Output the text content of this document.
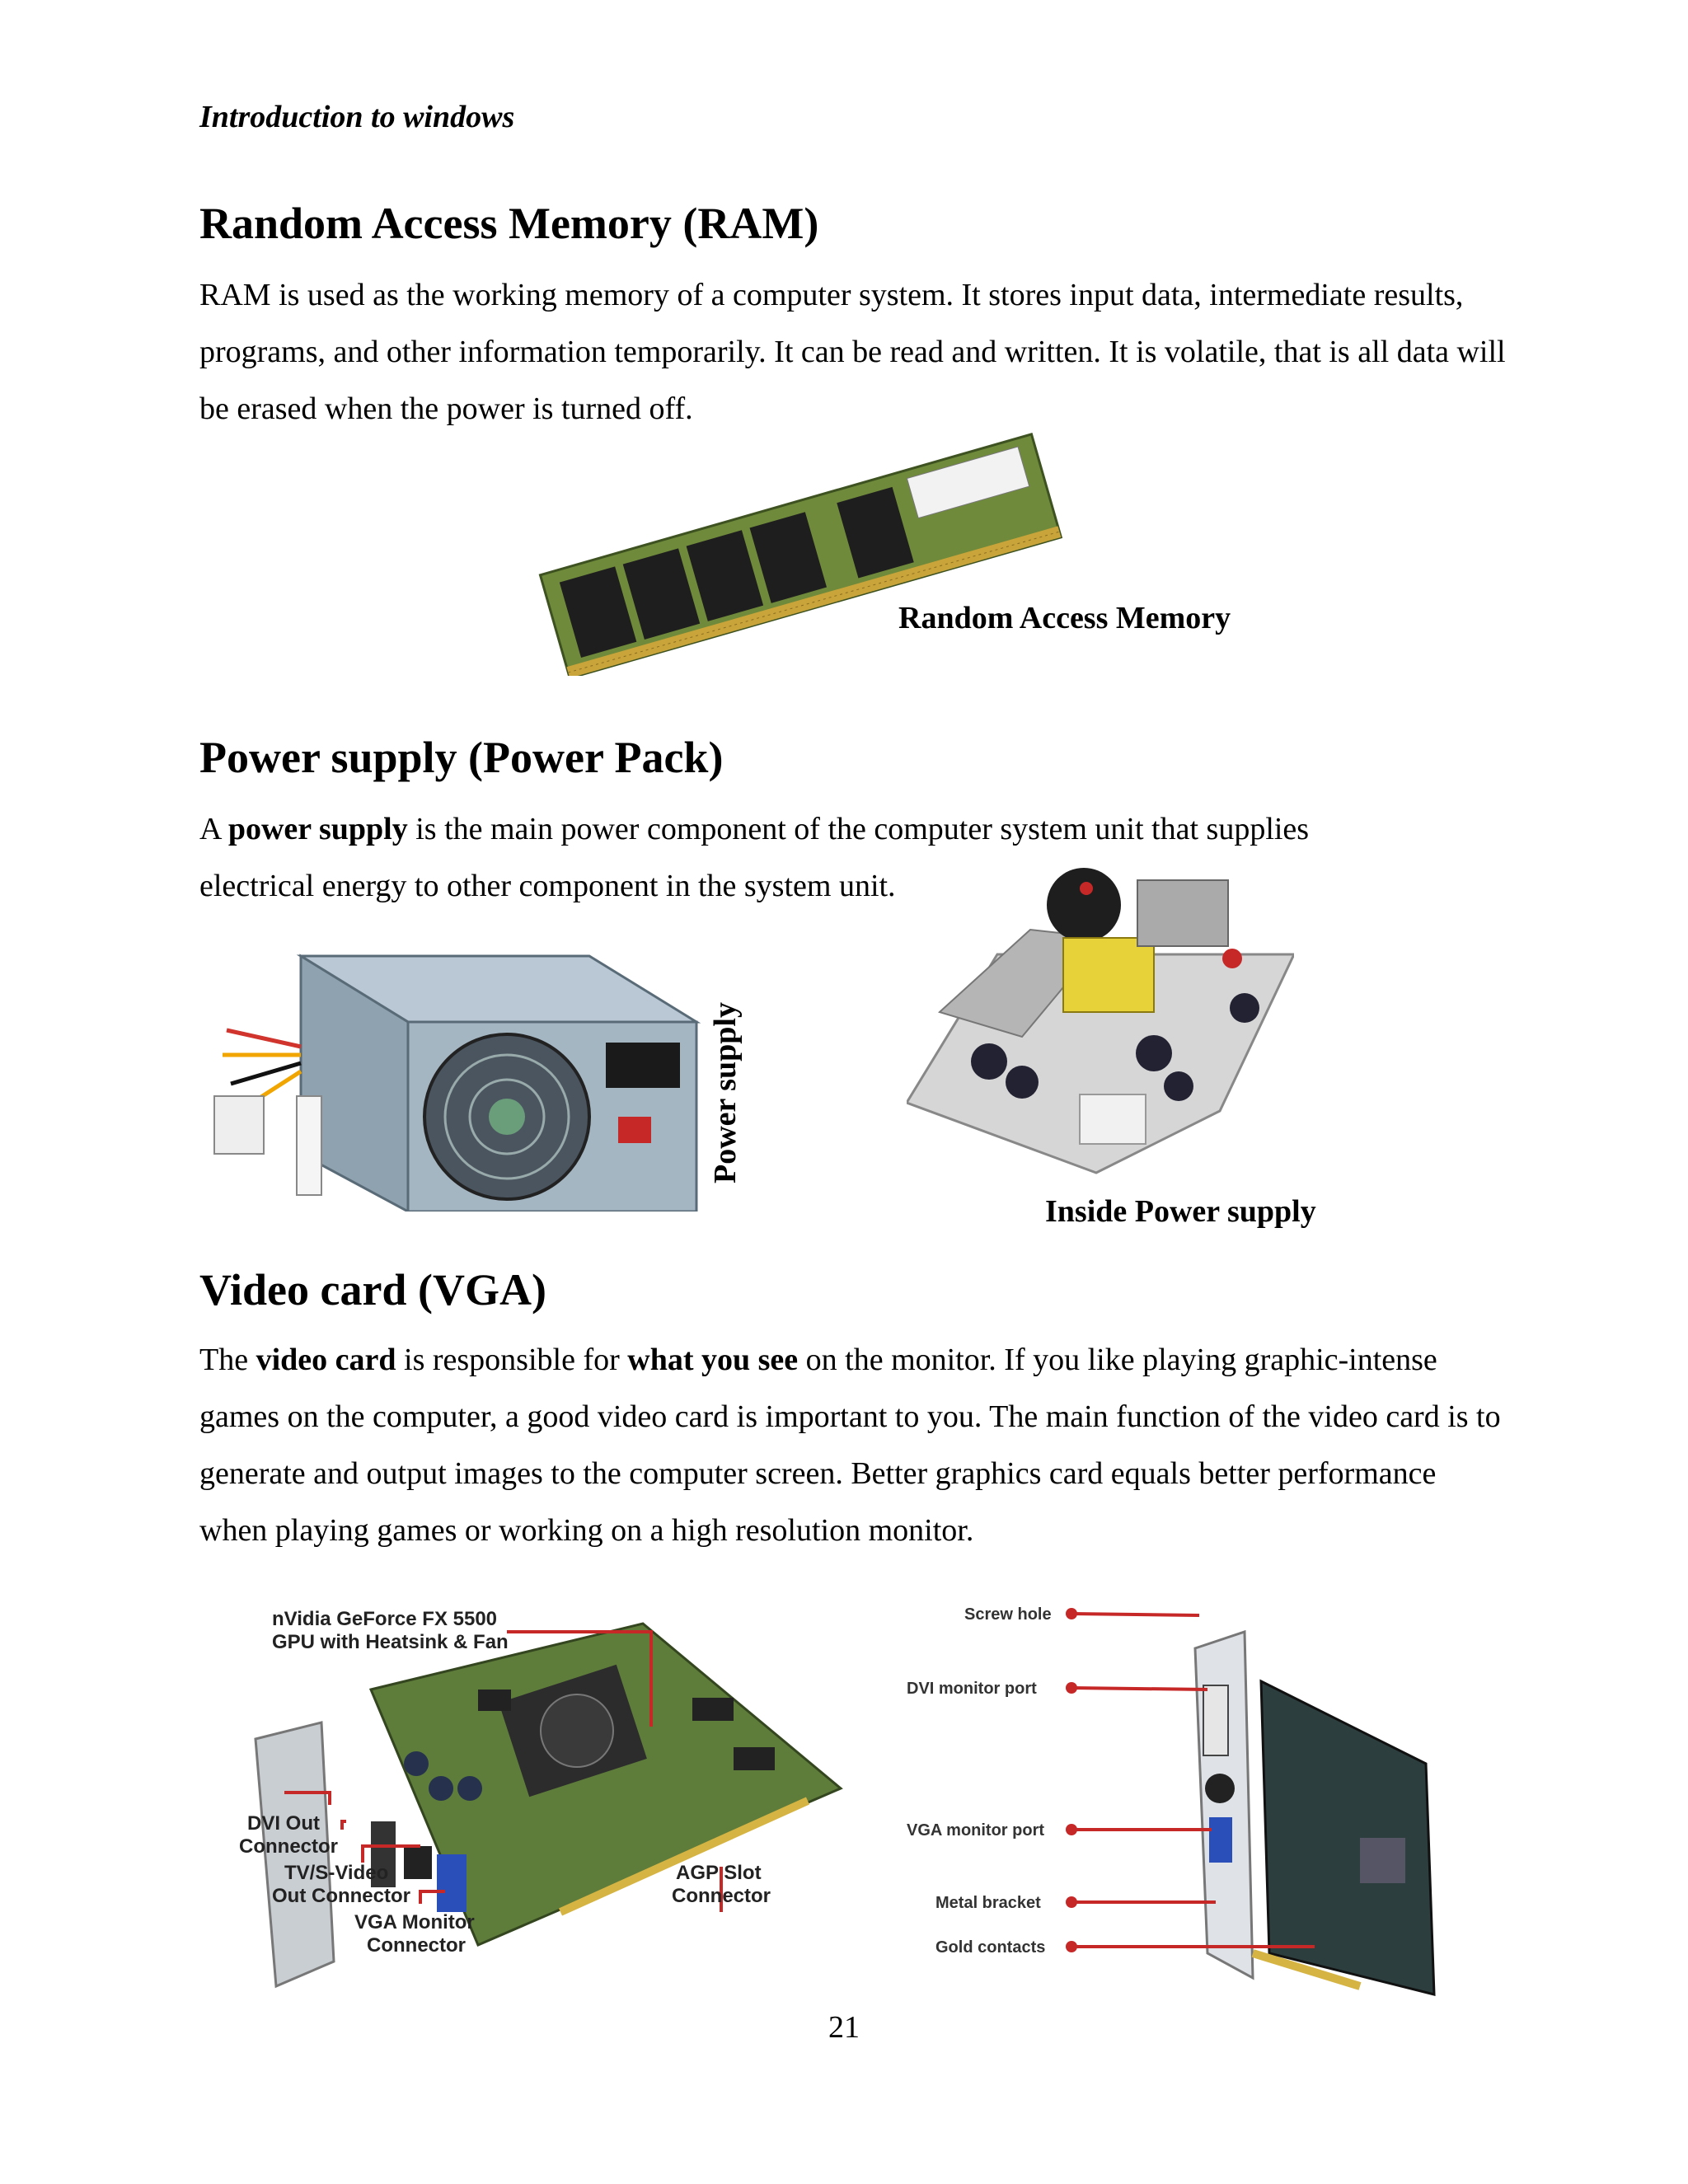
Introduction to windows
Random Access Memory (RAM)
RAM is used as the working memory of a computer system. It stores input data, intermediate results, programs, and other information temporarily. It can be read and written. It is volatile, that is all data will be erased when the power is turned off.
Random Access Memory
Power supply (Power Pack)
A power supply is the main power component of the computer system unit that supplies electrical energy to other component in the system unit.
Power supply
Inside Power supply
Video card (VGA)
The video card is responsible for what you see on the monitor. If you like playing graphic-intense games on the computer, a good video card is important to you. The main function of the video card is to generate and output images to the computer screen. Better graphics card equals better performance when playing games or working on a high resolution monitor.
nVidia GeForce FX 5500
GPU with Heatsink & Fan
DVI Out
Connector
TV/S-Video
Out Connector
VGA Monitor
Connector
AGP Slot
Connector
Screw hole
DVI monitor port
VGA monitor port
Metal bracket
Gold contacts
21
